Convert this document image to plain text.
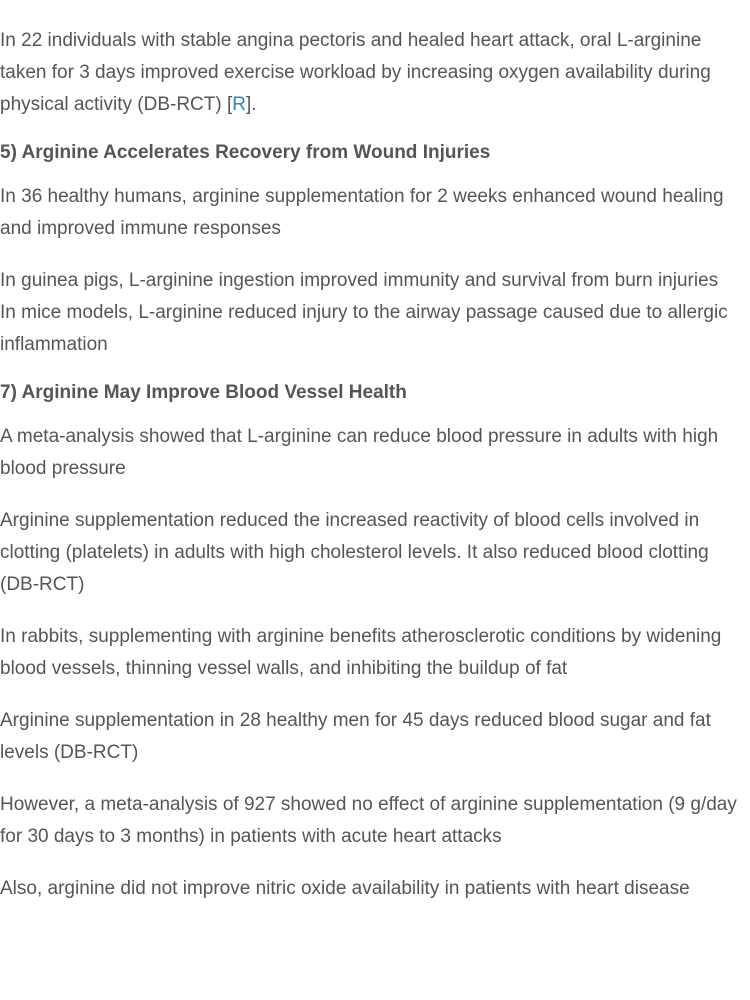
In 22 individuals with stable angina pectoris and healed heart attack, oral L-arginine taken for 3 days improved exercise workload by increasing oxygen availability during physical activity (DB-RCT) [R].

5) Arginine Accelerates Recovery from Wound Injuries

In 36 healthy humans, arginine supplementation for 2 weeks enhanced wound healing and improved immune responses

In guinea pigs, L-arginine ingestion improved immunity and survival from burn injuries

In mice models, L-arginine reduced injury to the airway passage caused due to allergic inflammation

7) Arginine May Improve Blood Vessel Health

A meta-analysis showed that L-arginine can reduce blood pressure in adults with high blood pressure

Arginine supplementation reduced the increased reactivity of blood cells involved in clotting (platelets) in adults with high cholesterol levels. It also reduced blood clotting (DB-RCT)

In rabbits, supplementing with arginine benefits atherosclerotic conditions by widening blood vessels, thinning vessel walls, and inhibiting the buildup of fat

Arginine supplementation in 28 healthy men for 45 days reduced blood sugar and fat levels (DB-RCT)

However, a meta-analysis of 927 showed no effect of arginine supplementation (9 g/day for 30 days to 3 months) in patients with acute heart attacks

Also, arginine did not improve nitric oxide availability in patients with heart disease
